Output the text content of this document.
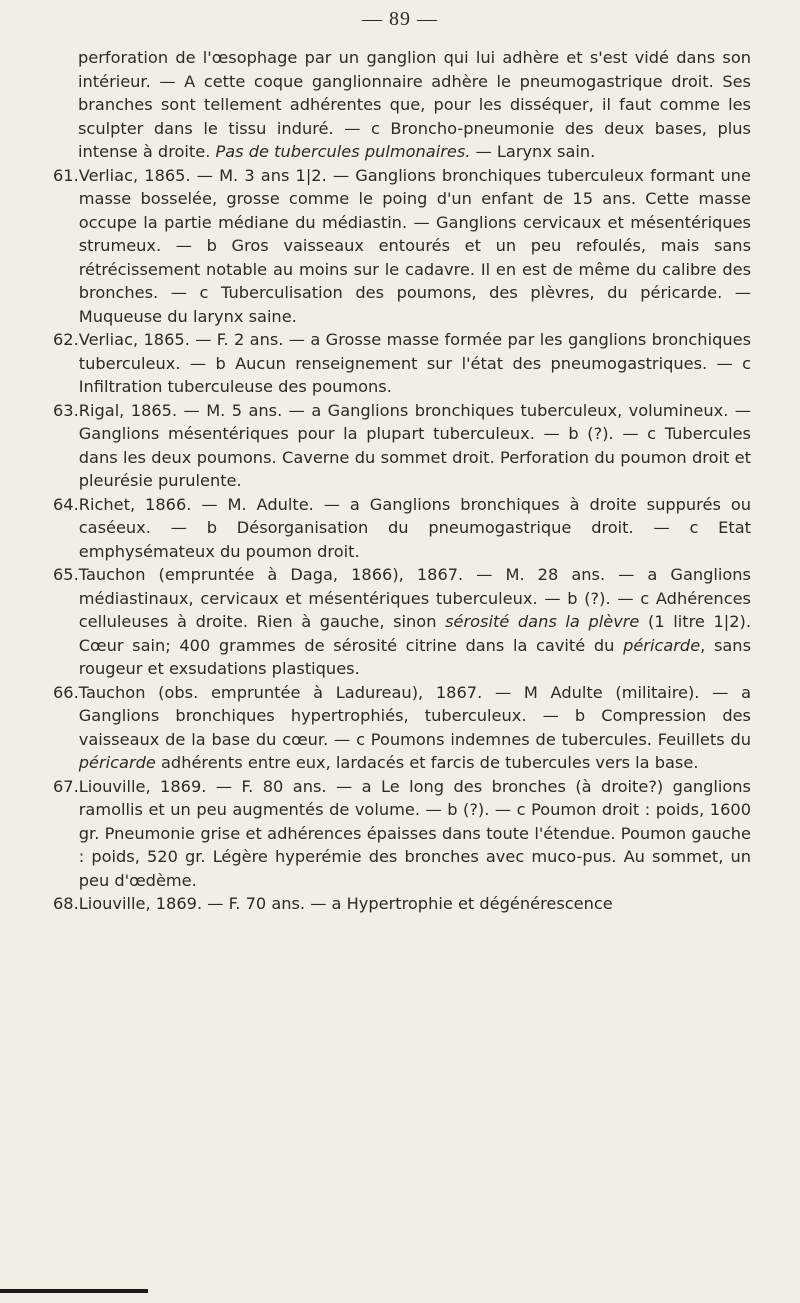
— 89 —

perforation de l'œsophage par un ganglion qui lui adhère et s'est vidé dans son intérieur. — A cette coque ganglionnaire adhère le pneumogastrique droit. Ses branches sont tellement adhérentes que, pour les disséquer, il faut comme les sculpter dans le tissu induré. — c Broncho-pneumonie des deux bases, plus intense à droite. Pas de tubercules pulmonaires. — Larynx sain.

61. Verliac, 1865. — M. 3 ans 1|2. — Ganglions bronchiques tuberculeux formant une masse bosselée, grosse comme le poing d'un enfant de 15 ans. Cette masse occupe la partie médiane du médiastin. — Ganglions cervicaux et mésentériques strumeux. — b Gros vaisseaux entourés et un peu refoulés, mais sans rétrécissement notable au moins sur le cadavre. Il en est de même du calibre des bronches. — c Tuberculisation des poumons, des plèvres, du péricarde. — Muqueuse du larynx saine.
62. Verliac, 1865. — F. 2 ans. — a Grosse masse formée par les ganglions bronchiques tuberculeux. — b Aucun renseignement sur l'état des pneumogastriques. — c Infiltration tuberculeuse des poumons.
63. Rigal, 1865. — M. 5 ans. — a Ganglions bronchiques tuberculeux, volumineux. — Ganglions mésentériques pour la plupart tuberculeux. — b (?). — c Tubercules dans les deux poumons. Caverne du sommet droit. Perforation du poumon droit et pleurésie purulente.
64. Richet, 1866. — M. Adulte. — a Ganglions bronchiques à droite suppurés ou caséeux. — b Désorganisation du pneumogastrique droit. — c Etat emphysémateux du poumon droit.
65. Tauchon (empruntée à Daga, 1866), 1867. — M. 28 ans. — a Ganglions médiastinaux, cervicaux et mésentériques tuberculeux. — b (?). — c Adhérences celluleuses à droite. Rien à gauche, sinon sérosité dans la plèvre (1 litre 1|2). Cœur sain; 400 grammes de sérosité citrine dans la cavité du péricarde, sans rougeur et exsudations plastiques.
66. Tauchon (obs. empruntée à Ladureau), 1867. — M Adulte (militaire). — a Ganglions bronchiques hypertrophiés, tuberculeux. — b Compression des vaisseaux de la base du cœur. — c Poumons indemnes de tubercules. Feuillets du péricarde adhérents entre eux, lardacés et farcis de tubercules vers la base.
67. Liouville, 1869. — F. 80 ans. — a Le long des bronches (à droite?) ganglions ramollis et un peu augmentés de volume. — b (?). — c Poumon droit : poids, 1600 gr. Pneumonie grise et adhérences épaisses dans toute l'étendue. Poumon gauche : poids, 520 gr. Légère hyperémie des bronches avec muco-pus. Au sommet, un peu d'œdème.
68. Liouville, 1869. — F. 70 ans. — a Hypertrophie et dégénérescence
